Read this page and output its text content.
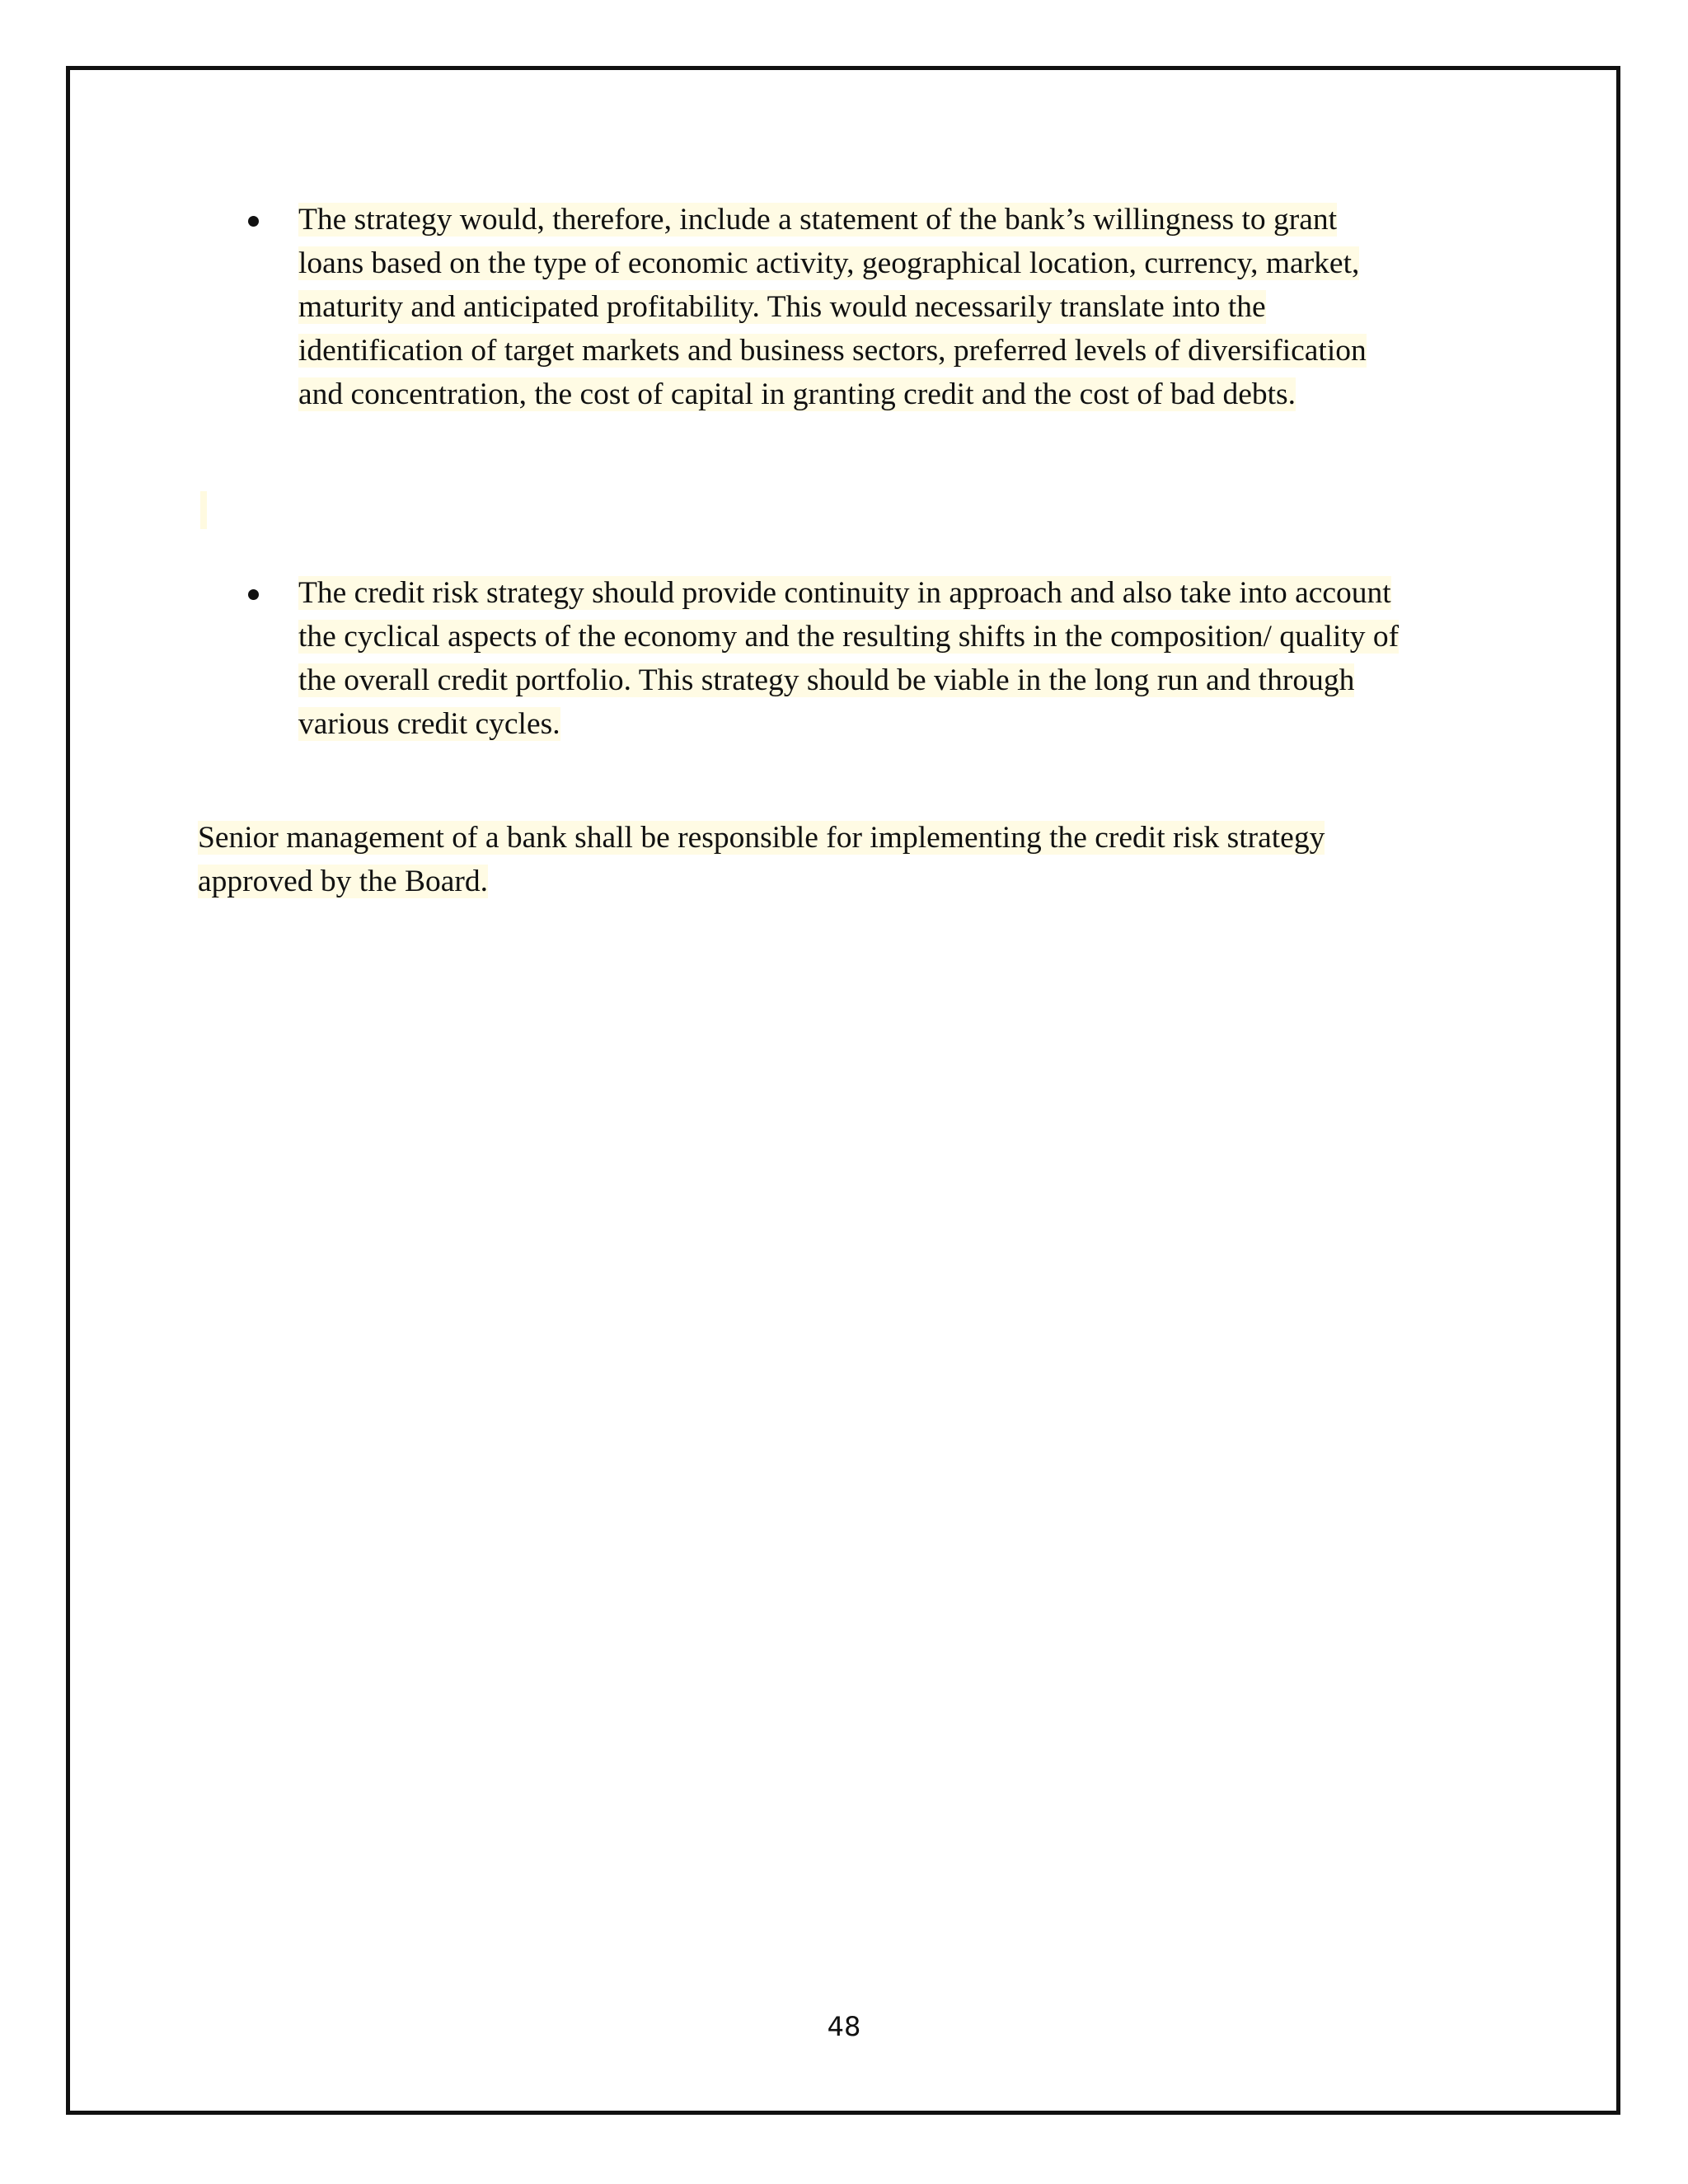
The strategy would, therefore, include a statement of the bank’s willingness to grant
loans based on the type of economic activity, geographical location, currency, market,
maturity and anticipated profitability. This would necessarily translate into the
identification of target markets and business sectors, preferred levels of diversification
and concentration, the cost of capital in granting credit and the cost of bad debts.
The credit risk strategy should provide continuity in approach and also take into account
the cyclical aspects of the economy and the resulting shifts in the composition/ quality of
the overall credit portfolio. This strategy should be viable in the long run and through
various credit cycles.
Senior management of a bank shall be responsible for implementing the credit risk strategy
approved by the Board.
48
